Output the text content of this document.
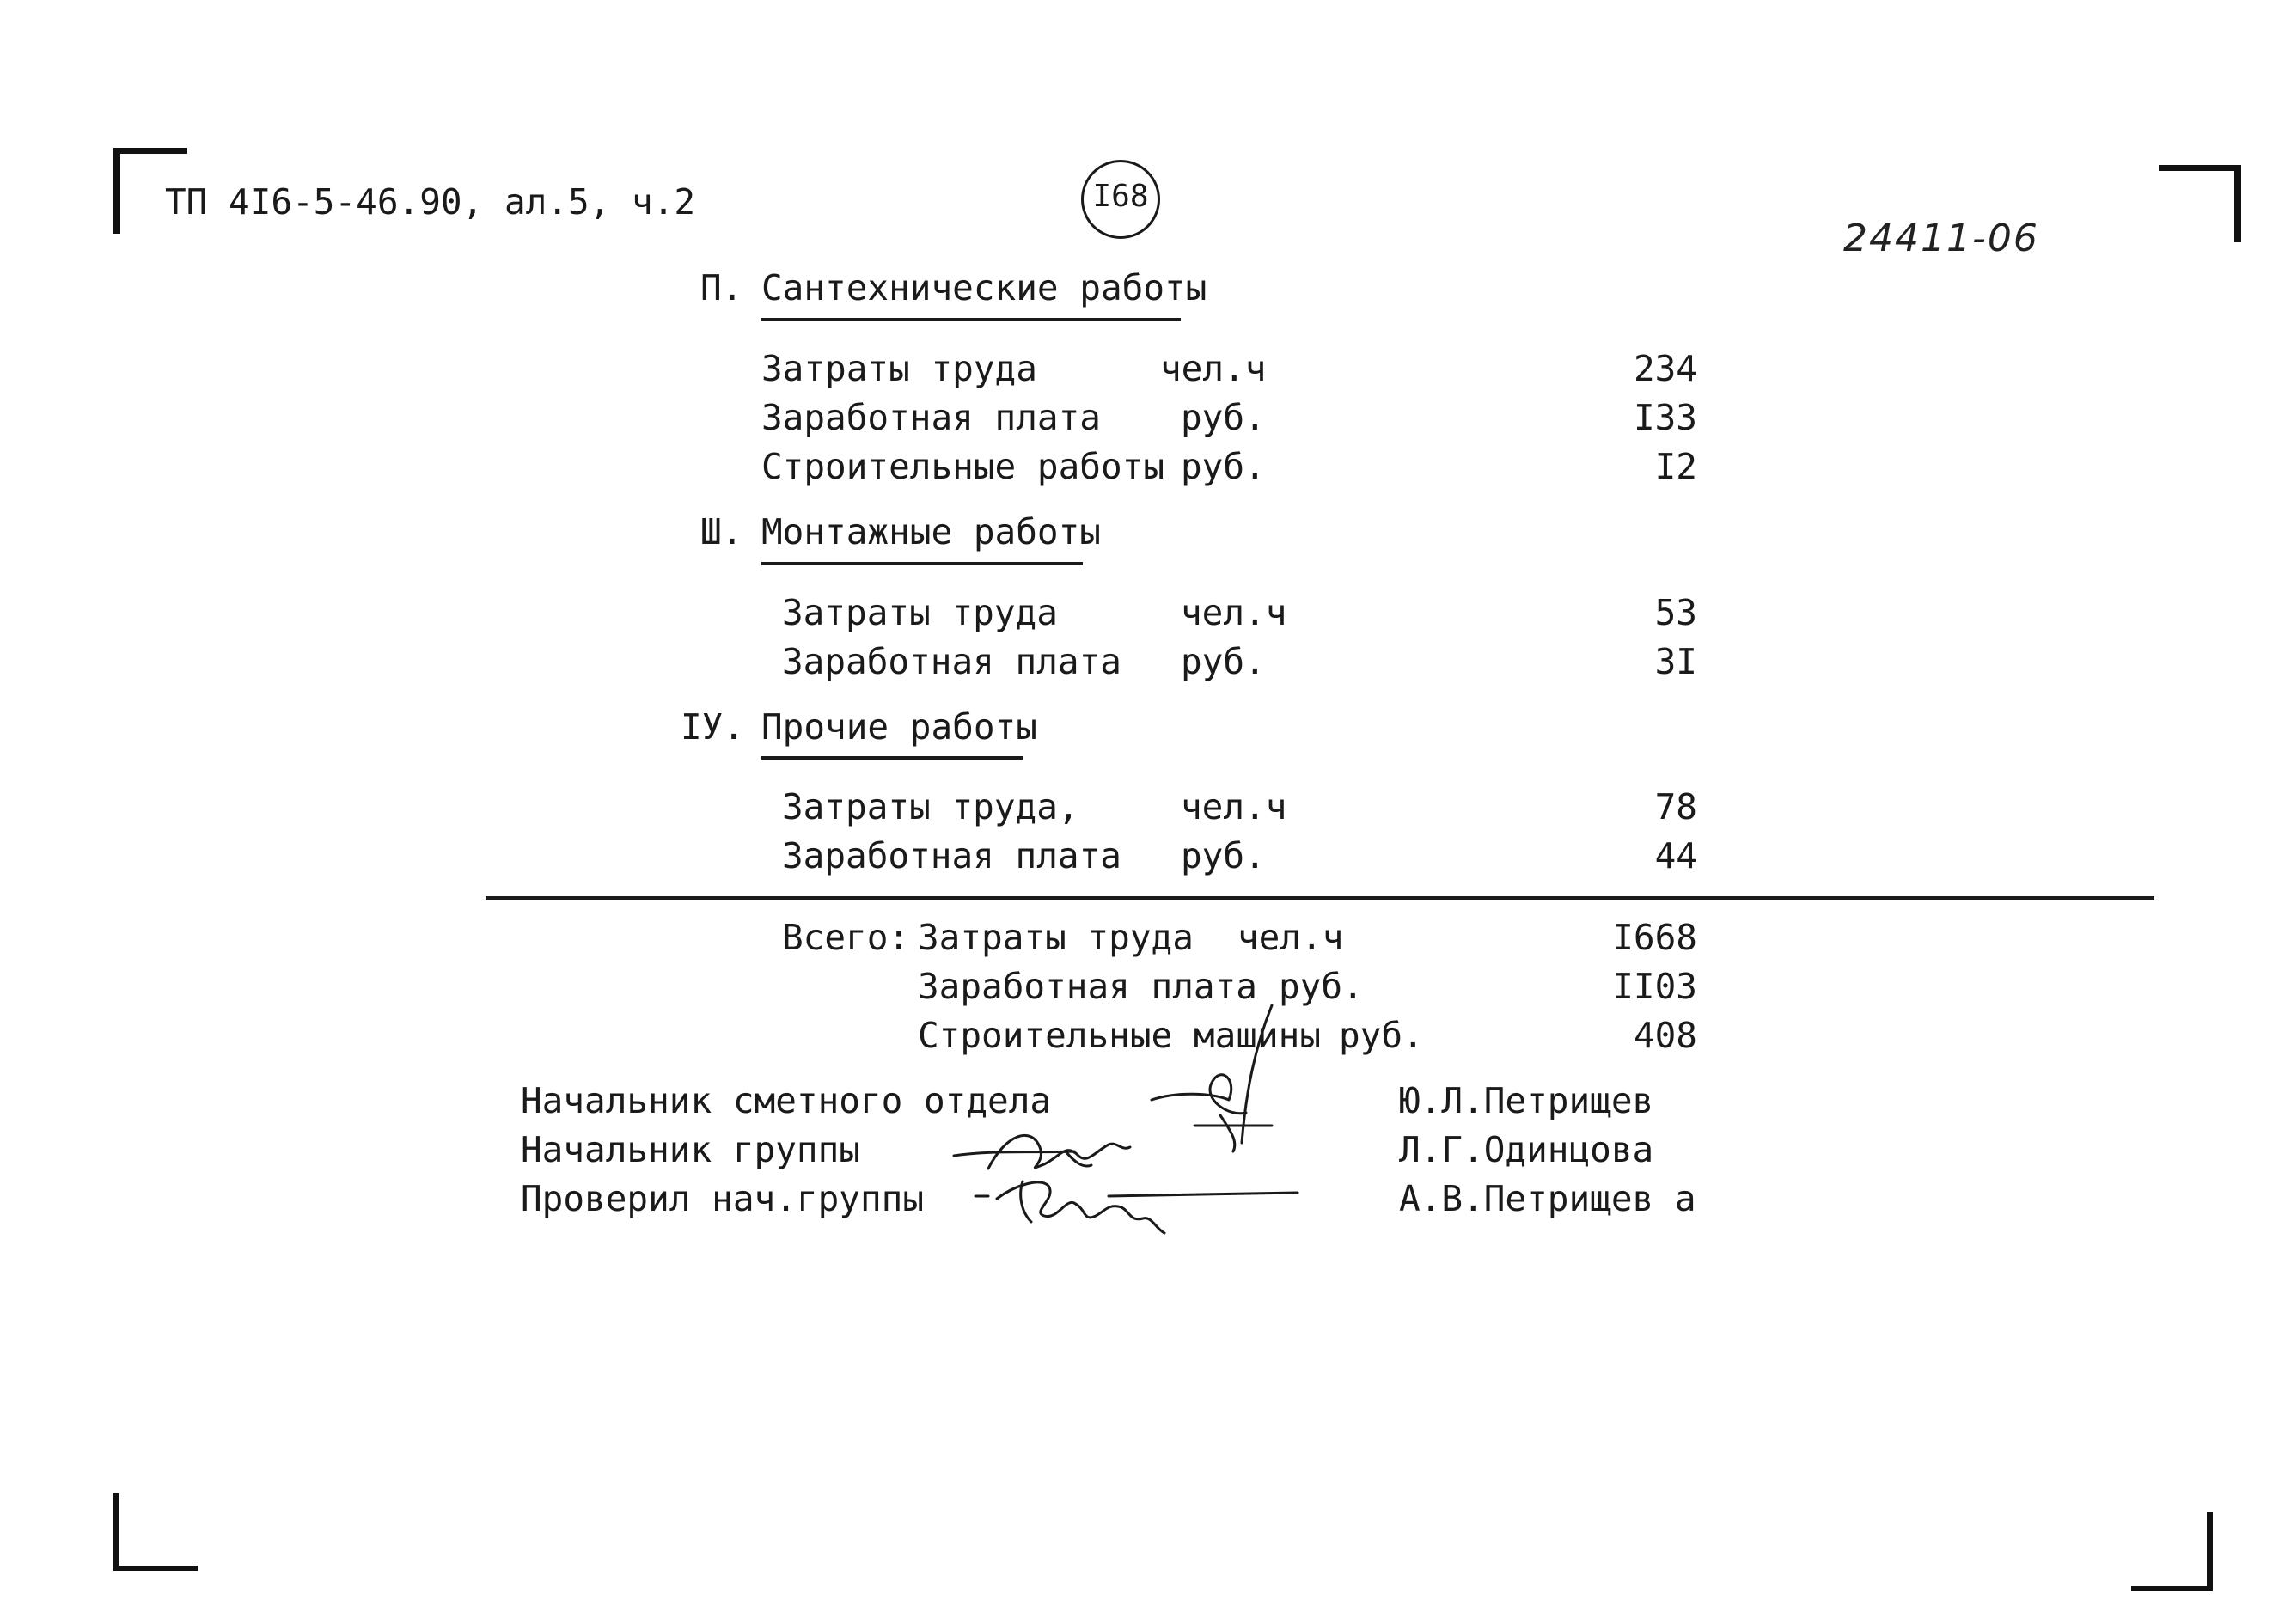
ТП 4I6-5-46.90, ал.5, ч.2	I68
24411-06
П. Сантехнические работы
Затраты труда	чел.ч	234
Заработная плата руб.	I33
Строительные работы руб.	I2
Ш. Монтажные работы
Затраты труда	чел.ч	53
Заработная плата руб.	3I
IУ. Прочие работы
Затраты труда,	чел.ч	78
Заработная плата руб.	44
Всего: Затраты труда чел.ч	I668
Заработная плата руб.	II03
Строительные машины руб.	408
Начальник сметного отдела	Ю.Л.Петрищев
Начальник группы	Л.Г.Одинцова
Проверил нач.группы	А.В.Петрищев а
